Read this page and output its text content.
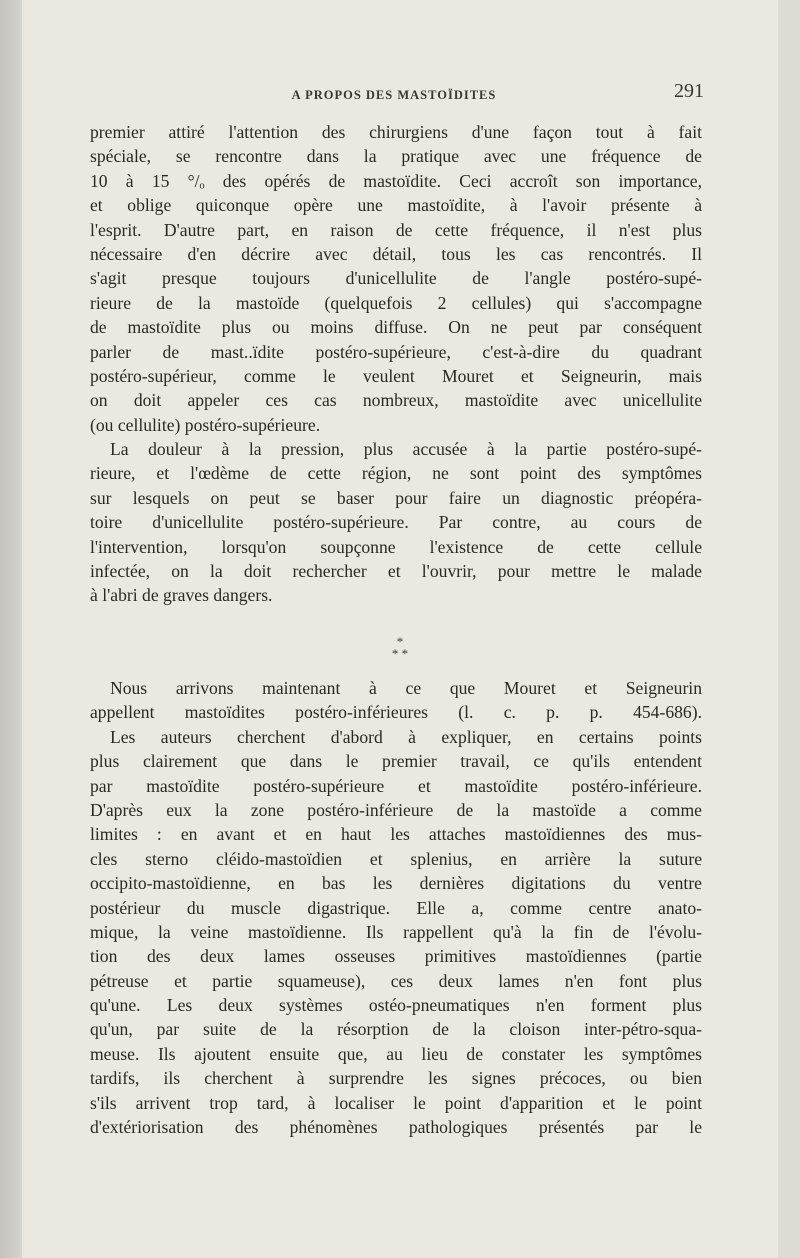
A PROPOS DES MASTOÏDITES	291
premier attiré l'attention des chirurgiens d'une façon tout à fait
spéciale, se rencontre dans la pratique avec une fréquence de
10 à 15 °/ₒ des opérés de mastoïdite. Ceci accroît son importance,
et oblige quiconque opère une mastoïdite, à l'avoir présente à
l'esprit. D'autre part, en raison de cette fréquence, il n'est plus
nécessaire d'en décrire avec détail, tous les cas rencontrés. Il
s'agit presque toujours d'unicellulite de l'angle postéro-supé-
rieure de la mastoïde (quelquefois 2 cellules) qui s'accompagne
de mastoïdite plus ou moins diffuse. On ne peut par conséquent
parler de mast..ïdite postéro-supérieure, c'est-à-dire du quadrant
postéro-supérieur, comme le veulent Mouret et Seigneurin, mais
on doit appeler ces cas nombreux, mastoïdite avec unicellulite
(ou cellulite) postéro-supérieure.
La douleur à la pression, plus accusée à la partie postéro-supé-
rieure, et l'œdème de cette région, ne sont point des symptômes
sur lesquels on peut se baser pour faire un diagnostic préopéra-
toire d'unicellulite postéro-supérieure. Par contre, au cours de
l'intervention, lorsqu'on soupçonne l'existence de cette cellule
infectée, on la doit rechercher et l'ouvrir, pour mettre le malade
à l'abri de graves dangers.
Nous arrivons maintenant à ce que Mouret et Seigneurin
appellent mastoïdites postéro-inférieures (l. c. p. p. 454-686).
Les auteurs cherchent d'abord à expliquer, en certains points
plus clairement que dans le premier travail, ce qu'ils entendent
par mastoïdite postéro-supérieure et mastoïdite postéro-inférieure.
D'après eux la zone postéro-inférieure de la mastoïde a comme
limites : en avant et en haut les attaches mastoïdiennes des mus-
cles sterno cléido-mastoïdien et splenius, en arrière la suture
occipito-mastoïdienne, en bas les dernières digitations du ventre
postérieur du muscle digastrique. Elle a, comme centre anato-
mique, la veine mastoïdienne. Ils rappellent qu'à la fin de l'évolu-
tion des deux lames osseuses primitives mastoïdiennes (partie
pétreuse et partie squameuse), ces deux lames n'en font plus
qu'une. Les deux systèmes ostéo-pneumatiques n'en forment plus
qu'un, par suite de la résorption de la cloison inter-pétro-squa-
meuse. Ils ajoutent ensuite que, au lieu de constater les symptômes
tardifs, ils cherchent à surprendre les signes précoces, ou bien
s'ils arrivent trop tard, à localiser le point d'apparition et le point
d'extériorisation des phénomènes pathologiques présentés par le
*
* *
